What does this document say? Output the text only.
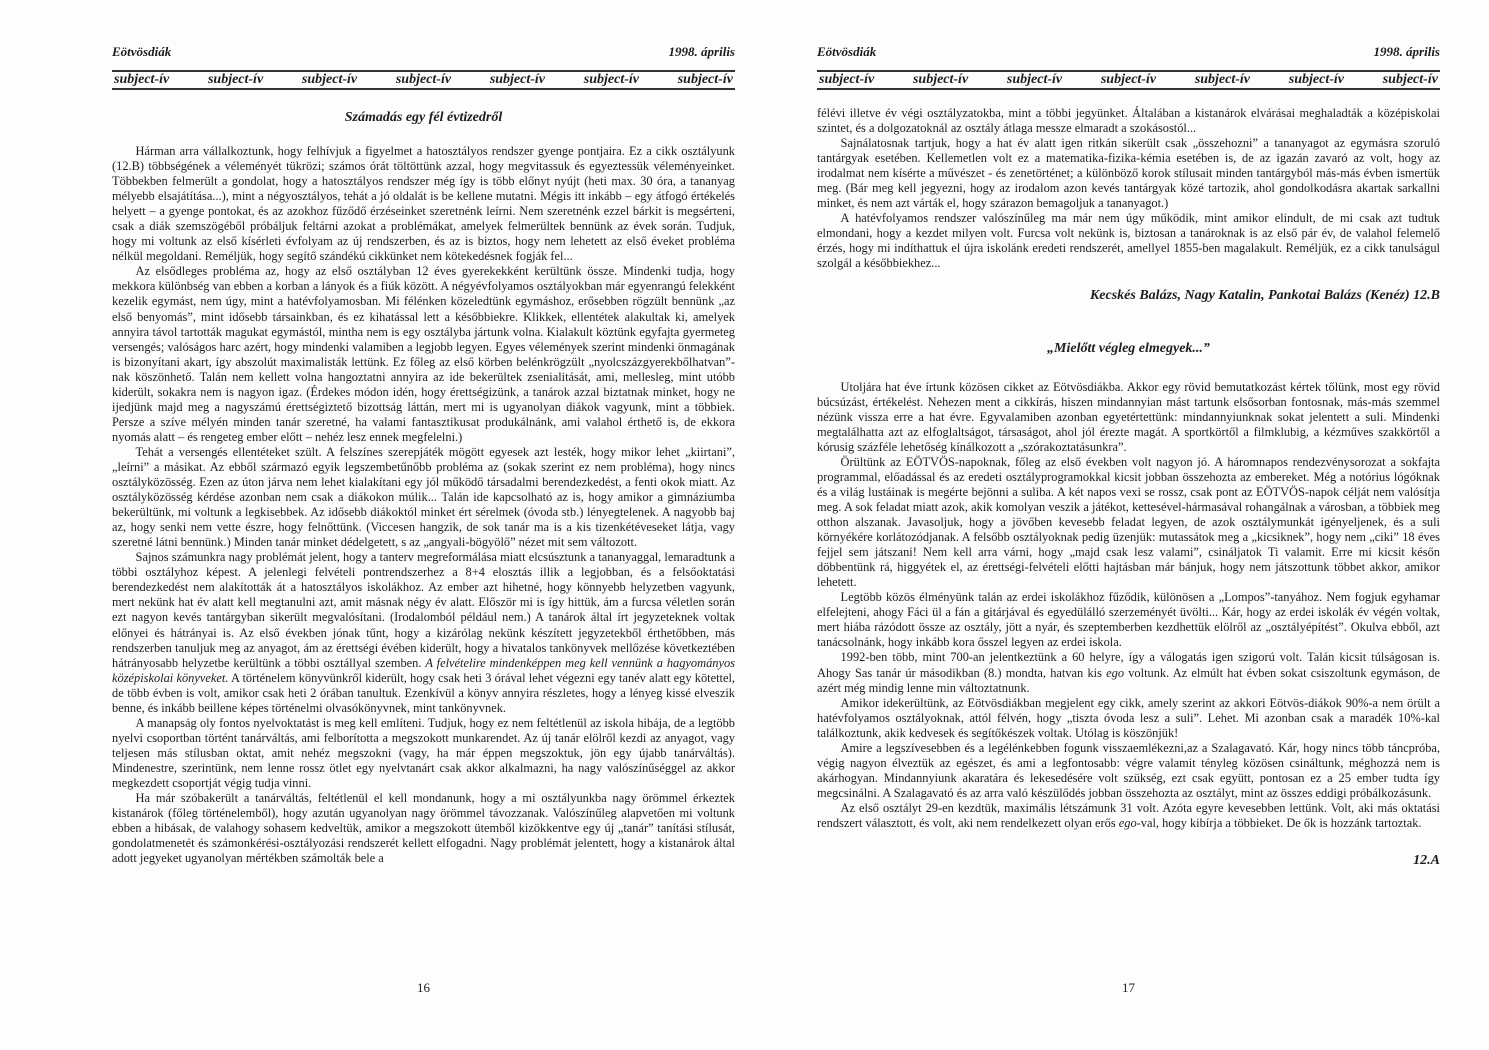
Eötvösdiák	1998. április
subject-ív	subject-ív	subject-ív	subject-ív	subject-ív	subject-ív	subject-ív
Számadás egy fél évtizedről

Hárman arra vállalkoztunk, hogy felhívjuk a figyelmet a hatosztályos rendszer gyenge pontjaira. Ez a cikk osztályunk (12.B) többségének a véleményét tükrözi; számos órát töltöttünk azzal, hogy megvitassuk és egyeztessük véleményeinket. Többekben felmerült a gondolat, hogy a hatosztályos rendszer még így is több előnyt nyújt (heti max. 30 óra, a tananyag mélyebb elsajátítása...), mint a négyosztályos, tehát a jó oldalát is be kellene mutatni. Mégis itt inkább – egy átfogó értékelés helyett – a gyenge pontokat, és az azokhoz fűződő érzéseinket szeretnénk leírni. Nem szeretnénk ezzel bárkit is megsérteni, csak a diák szemszögéből próbáljuk feltárni azokat a problémákat, amelyek felmerültek bennünk az évek során. Tudjuk, hogy mi voltunk az első kísérleti évfolyam az új rendszerben, és az is biztos, hogy nem lehetett az első éveket probléma nélkül megoldani. Reméljük, hogy segítő szándékú cikkünket nem kötekedésnek fogják fel...

Az elsődleges probléma az, hogy az első osztályban 12 éves gyerekekként kerültünk össze. Mindenki tudja, hogy mekkora különbség van ebben a korban a lányok és a fiúk között. A négyévfolyamos osztályokban már egyenrangú felekként kezelik egymást, nem úgy, mint a hatévfolyamosban. Mi félénken közeledtünk egymáshoz, erősebben rögzült bennünk „az első benyomás”, mint idősebb társainkban, és ez kihatással lett a későbbiekre. Klikkek, ellentétek alakultak ki, amelyek annyira távol tartották magukat egymástól, mintha nem is egy osztályba jártunk volna. Kialakult köztünk egyfajta gyermeteg versengés; valóságos harc azért, hogy mindenki valamiben a legjobb legyen. Egyes vélemények szerint mindenki önmagának is bizonyítani akart, így abszolút maximalisták lettünk. Ez főleg az első körben belénkrögzült „nyolcszázgyerekbőlhatvan”-nak köszönhető. Talán nem kellett volna hangoztatni annyira az ide bekerültek zsenialitását, ami, mellesleg, mint utóbb kiderült, sokakra nem is nagyon igaz. (Érdekes módon idén, hogy érettségizünk, a tanárok azzal biztatnak minket, hogy ne ijedjünk majd meg a nagyszámú érettségiztető bizottság láttán, mert mi is ugyanolyan diákok vagyunk, mint a többiek. Persze a szíve mélyén minden tanár szeretné, ha valami fantasztikusat produkálnánk, ami valahol érthető is, de ekkora nyomás alatt – és rengeteg ember előtt – nehéz lesz ennek megfelelni.)

Tehát a versengés ellentéteket szült. A felszínes szerepjáték mögött egyesek azt lesték, hogy mikor lehet „kiirtani”, „leírni” a másikat. Az ebből származó egyik legszembetűnőbb probléma az (sokak szerint ez nem probléma), hogy nincs osztályközösség. Ezen az úton járva nem lehet kialakítani egy jól működő társadalmi berendezkedést, a fenti okok miatt. Az osztályközösség kérdése azonban nem csak a diákokon múlik... Talán ide kapcsolható az is, hogy amikor a gimnáziumba bekerültünk, mi voltunk a legkisebbek. Az idősebb diákoktól minket ért sérelmek (óvoda stb.) lényegtelenek. A nagyobb baj az, hogy senki nem vette észre, hogy felnőttünk. (Viccesen hangzik, de sok tanár ma is a kis tizenkétéveseket látja, vagy szeretné látni bennünk.) Minden tanár minket dédelgetett, s az „angyali-bögyölő” nézet mit sem változott.

Sajnos számunkra nagy problémát jelent, hogy a tanterv megreformálása miatt elcsúsztunk a tananyaggal, lemaradtunk a többi osztályhoz képest. A jelenlegi felvételi pontrendszerhez a 8+4 elosztás illik a legjobban, és a felsőoktatási berendezkedést nem alakították át a hatosztályos iskolákhoz. Az ember azt hihetné, hogy könnyebb helyzetben vagyunk, mert nekünk hat év alatt kell megtanulni azt, amit másnak négy év alatt. Először mi is így hittük, ám a furcsa véletlen során ezt nagyon kevés tantárgyban sikerült megvalósítani. (Irodalomból például nem.) A tanárok által írt jegyzeteknek voltak előnyei és hátrányai is. Az első években jónak tűnt, hogy a kizárólag nekünk készített jegyzetekből érthetőbben, más rendszerben tanuljuk meg az anyagot, ám az érettségi évében kiderült, hogy a hivatalos tankönyvek mellőzése következtében hátrányosabb helyzetbe kerültünk a többi osztállyal szemben. A felvételire mindenképpen meg kell vennünk a hagyományos középiskolai könyveket. A történelem könyvünkről kiderült, hogy csak heti 3 órával lehet végezni egy tanév alatt egy kötettel, de több évben is volt, amikor csak heti 2 órában tanultuk. Ezenkívül a könyv annyira részletes, hogy a lényeg kissé elveszik benne, és inkább beillene képes történelmi olvasókönyvnek, mint tankönyvnek.

A manapság oly fontos nyelvoktatást is meg kell említeni. Tudjuk, hogy ez nem feltétlenül az iskola hibája, de a legtöbb nyelvi csoportban történt tanárváltás, ami felborította a megszokott munkarendet. Az új tanár elölről kezdi az anyagot, vagy teljesen más stílusban oktat, amit nehéz megszokni (vagy, ha már éppen megszoktuk, jön egy újabb tanárváltás). Mindenestre, szerintünk, nem lenne rossz ötlet egy nyelvtanárt csak akkor alkalmazni, ha nagy valószínűséggel az akkor megkezdett csoportját végig tudja vinni.

Ha már szóbakerült a tanárváltás, feltétlenül el kell mondanunk, hogy a mi osztályunkba nagy örömmel érkeztek kistanárok (főleg történelemből), hogy azután ugyanolyan nagy örömmel távozzanak. Valószínűleg alapvetően mi voltunk ebben a hibásak, de valahogy sohasem kedveltük, amikor a megszokott ütemből kizökkentve egy új „tanár” tanítási stílusát, gondolatmenetét és számonkérési-osztályozási rendszerét kellett elfogadni. Nagy problémát jelentett, hogy a kistanárok által adott jegyeket ugyanolyan mértékben számolták bele a

16
Eötvösdiák	1998. április
subject-ív	subject-ív	subject-ív	subject-ív	subject-ív	subject-ív	subject-ív

félévi illetve év végi osztályzatokba, mint a többi jegyünket. Általában a kistanárok elvárásai meghaladták a középiskolai szintet, és a dolgozatoknál az osztály átlaga messze elmaradt a szokásostól...

Sajnálatosnak tartjuk, hogy a hat év alatt igen ritkán sikerült csak „összehozni” a tananyagot az egymásra szoruló tantárgyak esetében. Kellemetlen volt ez a matematika-fizika-kémia esetében is, de az igazán zavaró az volt, hogy az irodalmat nem kísérte a művészet - és zenetörténet; a különböző korok stílusait minden tantárgyból más-más évben ismertük meg. (Bár meg kell jegyezni, hogy az irodalom azon kevés tantárgyak közé tartozik, ahol gondolkodásra akartak sarkallni minket, és nem azt várták el, hogy szárazon bemagoljuk a tananyagot.)

A hatévfolyamos rendszer valószínűleg ma már nem úgy működik, mint amikor elindult, de mi csak azt tudtuk elmondani, hogy a kezdet milyen volt. Furcsa volt nekünk is, biztosan a tanároknak is az első pár év, de valahol felemelő érzés, hogy mi indíthattuk el újra iskolánk eredeti rendszerét, amellyel 1855-ben magalakult. Reméljük, ez a cikk tanulságul szolgál a későbbiekhez...

Kecskés Balázs, Nagy Katalin, Pankotai Balázs (Kenéz) 12.B
„Mielőtt végleg elmegyek...”

Utoljára hat éve írtunk közösen cikket az Eötvösdiákba. Akkor egy rövid bemutatkozást kértek tőlünk, most egy rövid búcsúzást, értékelést. Nehezen ment a cikkírás, hiszen mindannyian mást tartunk elsősorban fontosnak, más-más szemmel nézünk vissza erre a hat évre. Egyvalamiben azonban egyetértettünk: mindannyiunknak sokat jelentett a suli. Mindenki megtalálhatta azt az elfoglaltságot, társaságot, ahol jól érezte magát. A sportkörtől a filmklubig, a kézműves szakkörtől a kórusig százféle lehetőség kínálkozott a „szórakoztatásunkra”.

Örültünk az EÖTVÖS-napoknak, főleg az első években volt nagyon jó. A háromnapos rendezvénysorozat a sokfajta programmal, előadással és az eredeti osztályprogramokkal kicsit jobban összehozta az embereket. Még a notórius lógóknak és a világ lustáinak is megérte bejönni a suliba. A két napos vexi se rossz, csak pont az EÖTVÖS-napok célját nem valósítja meg. A sok feladat miatt azok, akik komolyan veszik a játékot, kettesével-hármasával rohangálnak a városban, a többiek meg otthon alszanak. Javasoljuk, hogy a jövőben kevesebb feladat legyen, de azok osztálymunkát igényeljenek, és a suli környékére korlátozódjanak. A felsőbb osztályoknak pedig üzenjük: mutassátok meg a „kicsiknek”, hogy nem „ciki” 18 éves fejjel sem játszani! Nem kell arra várni, hogy „majd csak lesz valami”, csináljatok Ti valamit. Erre mi kicsit későn döbbentünk rá, higgyétek el, az érettségi-felvételi előtti hajtásban már bánjuk, hogy nem játszottunk többet akkor, amikor lehetett.

Legtöbb közös élményünk talán az erdei iskolákhoz fűződik, különösen a „Lompos”-tanyához. Nem fogjuk egyhamar elfelejteni, ahogy Fáci ül a fán a gitárjával és egyedülálló szerzeményét üvölti... Kár, hogy az erdei iskolák év végén voltak, mert hiába rázódott össze az osztály, jött a nyár, és szeptemberben kezdhettük elölről az „osztályépítést”. Okulva ebből, azt tanácsolnánk, hogy inkább kora ősszel legyen az erdei iskola.

1992-ben több, mint 700-an jelentkeztünk a 60 helyre, így a válogatás igen szigorú volt. Talán kicsit túlságosan is. Ahogy Sas tanár úr másodikban (8.) mondta, hatvan kis ego voltunk. Az elmúlt hat évben sokat csiszoltunk egymáson, de azért még mindig lenne min változtatnunk.

Amikor idekerültünk, az Eötvösdiákban megjelent egy cikk, amely szerint az akkori Eötvös-diákok 90%-a nem örült a hatévfolyamos osztályoknak, attól félvén, hogy „tiszta óvoda lesz a suli”. Lehet. Mi azonban csak a maradék 10%-kal találkoztunk, akik kedvesek és segítőkészek voltak. Utólag is köszönjük!

Amire a legszívesebben és a legélénkebben fogunk visszaemlékezni,az a Szalagavató. Kár, hogy nincs több táncpróba, végig nagyon élveztük az egészet, és ami a legfontosabb: végre valamit tényleg közösen csináltunk, méghozzá nem is akárhogyan. Mindannyiunk akaratára és lekesedésére volt szükség, ezt csak együtt, pontosan ez a 25 ember tudta így megcsinálni. A Szalagavató és az arra való készülődés jobban összehozta az osztályt, mint az összes eddigi próbálkozásunk.

Az első osztályt 29-en kezdtük, maximális létszámunk 31 volt. Azóta egyre kevesebben lettünk. Volt, aki más oktatási rendszert választott, és volt, aki nem rendelkezett olyan erős ego-val, hogy kibírja a többieket. De ők is hozzánk tartoztak.

12.A
17
